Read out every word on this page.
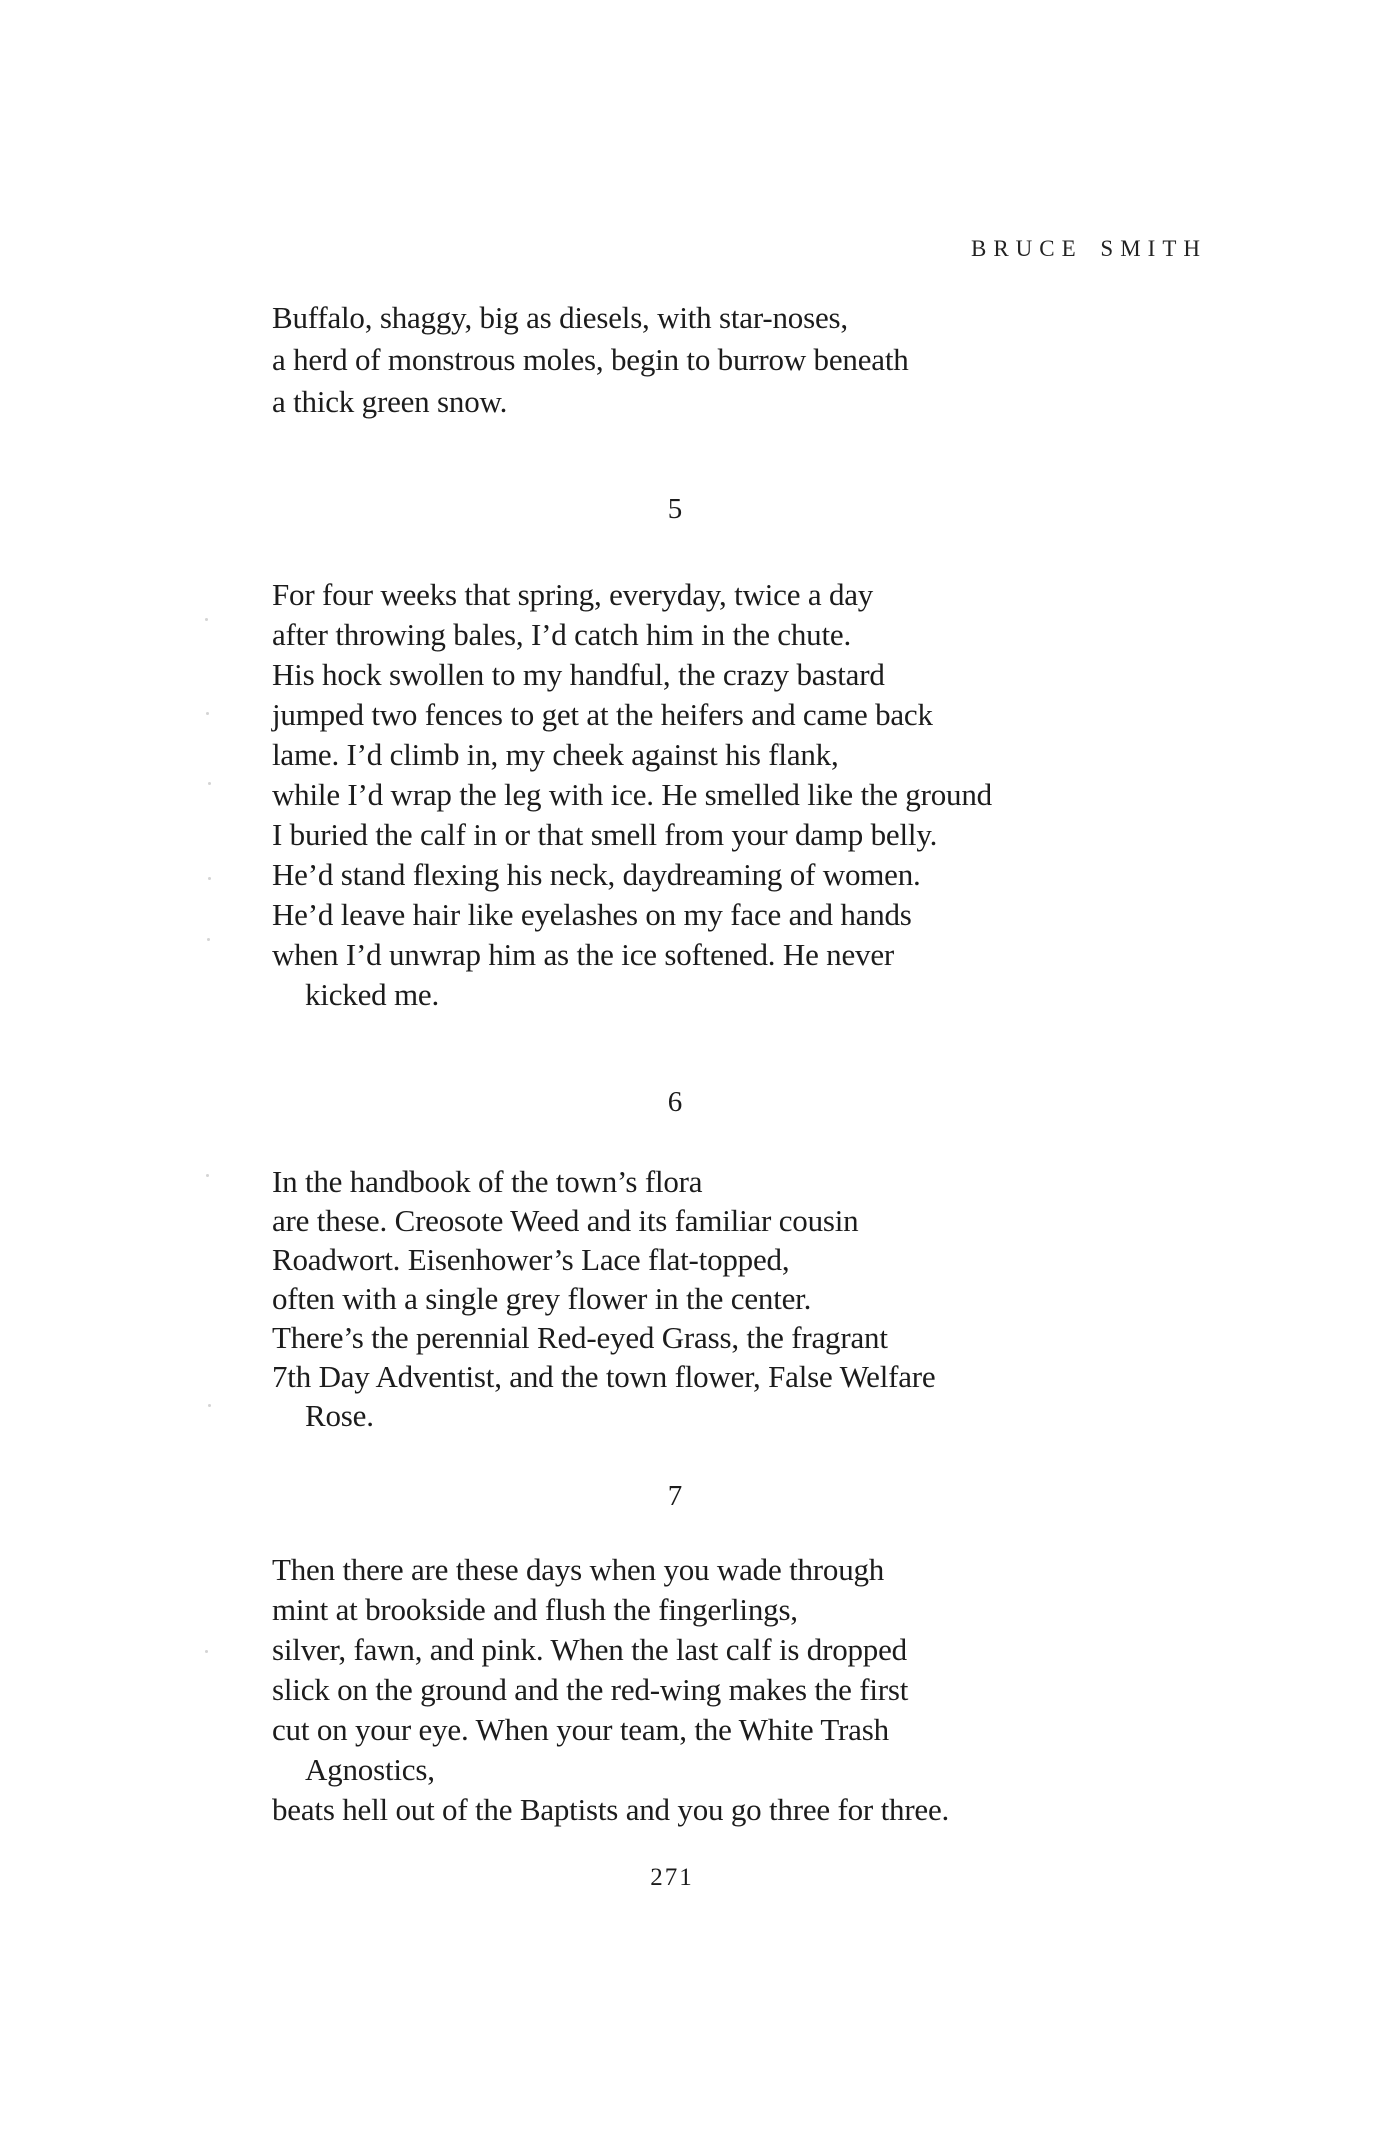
BRUCE SMITH
Buffalo, shaggy, big as diesels, with star-noses,
a herd of monstrous moles, begin to burrow beneath
a thick green snow.
5
For four weeks that spring, everyday, twice a day
after throwing bales, I’d catch him in the chute.
His hock swollen to my handful, the crazy bastard
jumped two fences to get at the heifers and came back
lame. I’d climb in, my cheek against his flank,
while I’d wrap the leg with ice. He smelled like the ground
I buried the calf in or that smell from your damp belly.
He’d stand flexing his neck, daydreaming of women.
He’d leave hair like eyelashes on my face and hands
when I’d unwrap him as the ice softened. He never
kicked me.
6
In the handbook of the town’s flora
are these. Creosote Weed and its familiar cousin
Roadwort. Eisenhower’s Lace flat-topped,
often with a single grey flower in the center.
There’s the perennial Red-eyed Grass, the fragrant
7th Day Adventist, and the town flower, False Welfare
Rose.
7
Then there are these days when you wade through
mint at brookside and flush the fingerlings,
silver, fawn, and pink. When the last calf is dropped
slick on the ground and the red-wing makes the first
cut on your eye. When your team, the White Trash
Agnostics,
beats hell out of the Baptists and you go three for three.
271
